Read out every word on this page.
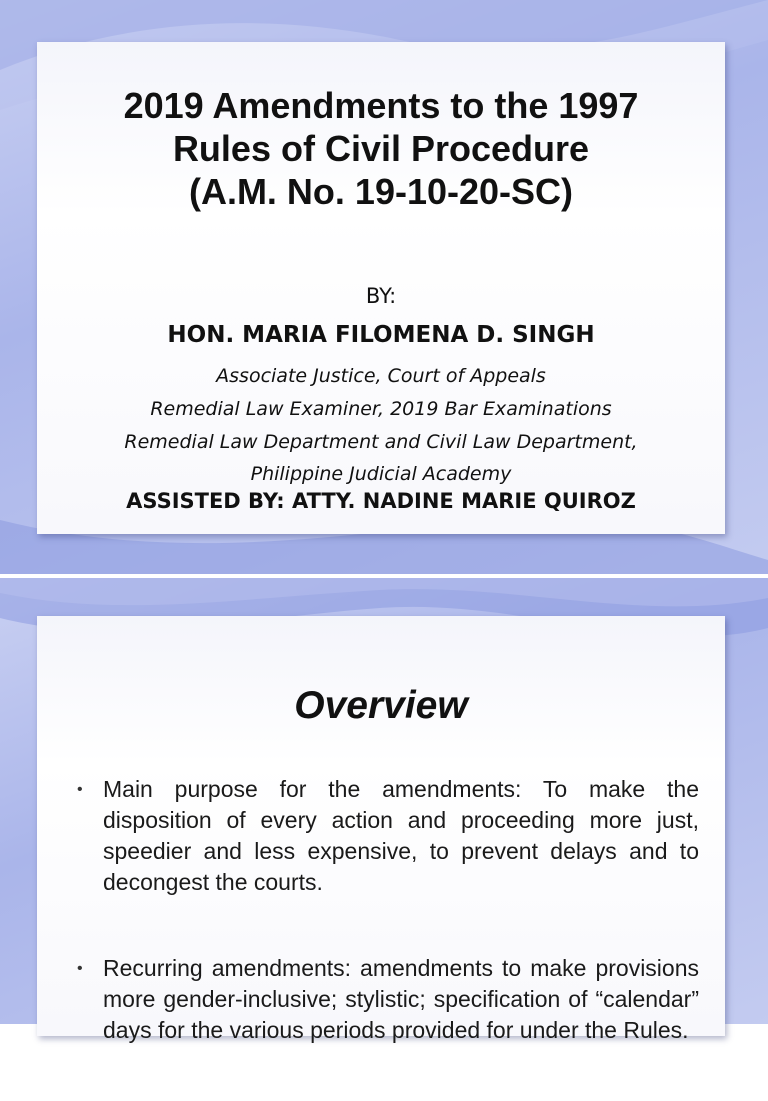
2019 Amendments to the 1997
Rules of Civil Procedure
(A.M. No. 19-10-20-SC)
BY:
HON. MARIA FILOMENA D. SINGH
Associate Justice, Court of Appeals
Remedial Law Examiner, 2019 Bar Examinations
Remedial Law Department and Civil Law Department,
Philippine Judicial Academy
ASSISTED BY: ATTY. NADINE MARIE QUIROZ
Overview
• Main purpose for the amendments: To make the disposition of every action and proceeding more just, speedier and less expensive, to prevent delays and to decongest the courts.
• Recurring amendments: amendments to make provisions more gender-inclusive; stylistic; specification of “calendar” days for the various periods provided for under the Rules.
